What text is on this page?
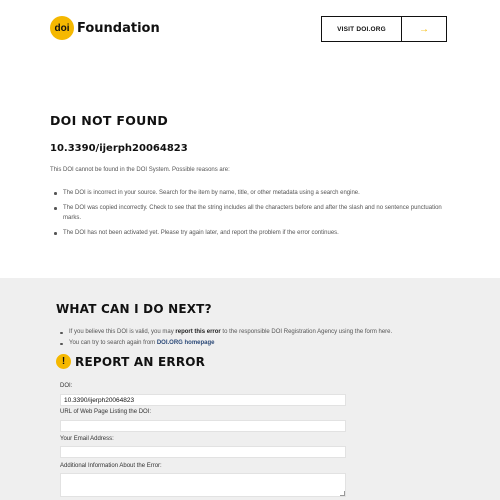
doi Foundation	VISIT DOI.ORG	→
DOI NOT FOUND
10.3390/ijerph20064823
This DOI cannot be found in the DOI System. Possible reasons are:
The DOI is incorrect in your source. Search for the item by name, title, or other metadata using a search engine.
The DOI was copied incorrectly. Check to see that the string includes all the characters before and after the slash and no sentence punctuation marks.
The DOI has not been activated yet. Please try again later, and report the problem if the error continues.
WHAT CAN I DO NEXT?
If you believe this DOI is valid, you may report this error to the responsible DOI Registration Agency using the form here.
You can try to search again from DOI.ORG homepage
! REPORT AN ERROR
DOI:
10.3390/ijerph20064823
URL of Web Page Listing the DOI:
Your Email Address:
Additional Information About the Error:
